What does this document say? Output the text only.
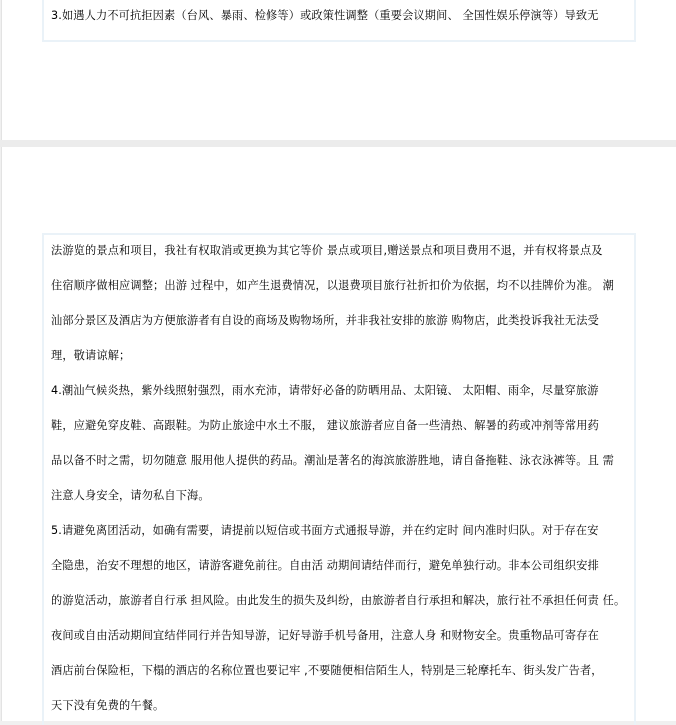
3.如遇人力不可抗拒因素（台风、暴雨、检修等）或政策性调整（重要会议期间、 全国性娱乐停演等）导致无
法游览的景点和项目，我社有权取消或更换为其它等价 景点或项目,赠送景点和项目费用不退，并有权将景点及
住宿顺序做相应调整；出游 过程中，如产生退费情况，以退费项目旅行社折扣价为依据，均不以挂牌价为准。 潮
汕部分景区及酒店为方便旅游者有自设的商场及购物场所，并非我社安排的旅游 购物店，此类投诉我社无法受
理，敬请谅解；
4.潮汕气候炎热，紫外线照射强烈，雨水充沛，请带好必备的防晒用品、太阳镜、 太阳帽、雨伞，尽量穿旅游
鞋，应避免穿皮鞋、高跟鞋。为防止旅途中水土不服， 建议旅游者应自备一些清热、解暑的药或冲剂等常用药
品以备不时之需，切勿随意 服用他人提供的药品。潮汕是著名的海滨旅游胜地，请自备拖鞋、泳衣泳裤等。且 需
注意人身安全，请勿私自下海。
5.请避免离团活动，如确有需要，请提前以短信或书面方式通报导游，并在约定时 间内准时归队。对于存在安
全隐患，治安不理想的地区，请游客避免前往。自由活 动期间请结伴而行，避免单独行动。非本公司组织安排
的游览活动，旅游者自行承 担风险。由此发生的损失及纠纷，由旅游者自行承担和解决，旅行社不承担任何责 任。
夜间或自由活动期间宜结伴同行并告知导游，记好导游手机号备用，注意人身 和财物安全。贵重物品可寄存在
酒店前台保险柜，下榻的酒店的名称位置也要记牢 ,不要随便相信陌生人，特别是三轮摩托车、街头发广告者，
天下没有免费的午餐。
